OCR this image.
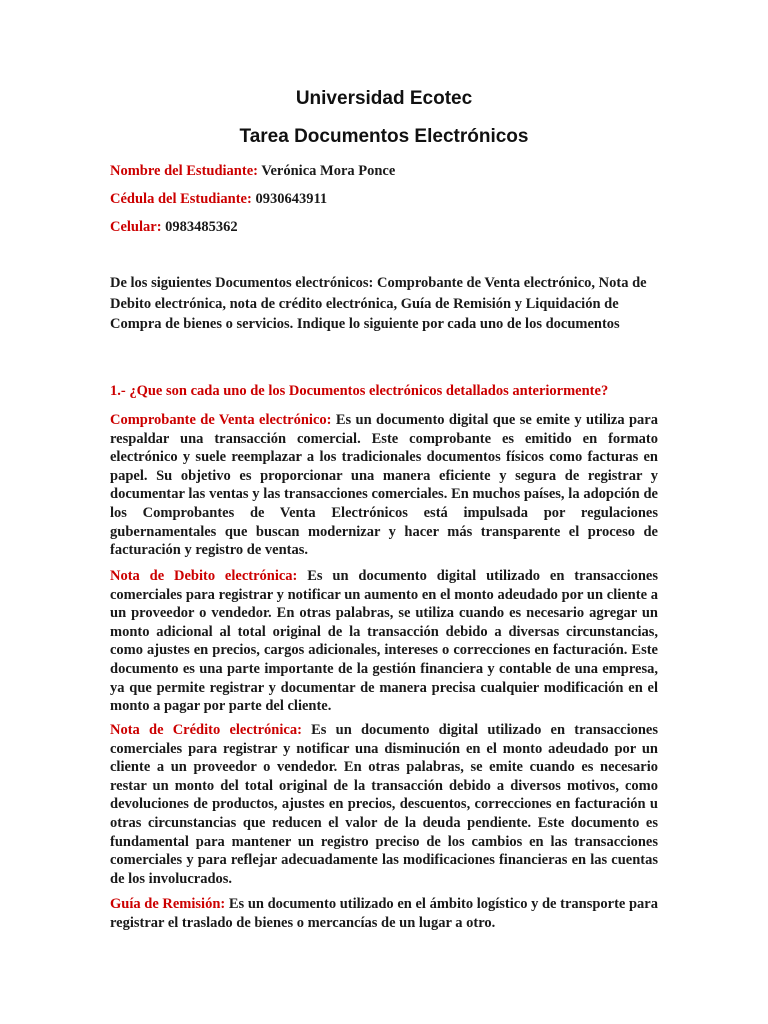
Universidad Ecotec
Tarea Documentos Electrónicos
Nombre del Estudiante: Verónica Mora Ponce
Cédula del Estudiante: 0930643911
Celular: 0983485362
De los siguientes Documentos electrónicos: Comprobante de Venta electrónico, Nota de Debito electrónica, nota de crédito electrónica, Guía de Remisión y Liquidación de Compra de bienes o servicios. Indique lo siguiente por cada uno de los documentos
1.- ¿Que son cada uno de los Documentos electrónicos detallados anteriormente?

Comprobante de Venta electrónico: Es un documento digital que se emite y utiliza para respaldar una transacción comercial. Este comprobante es emitido en formato electrónico y suele reemplazar a los tradicionales documentos físicos como facturas en papel. Su objetivo es proporcionar una manera eficiente y segura de registrar y documentar las ventas y las transacciones comerciales. En muchos países, la adopción de los Comprobantes de Venta Electrónicos está impulsada por regulaciones gubernamentales que buscan modernizar y hacer más transparente el proceso de facturación y registro de ventas.

Nota de Debito electrónica: Es un documento digital utilizado en transacciones comerciales para registrar y notificar un aumento en el monto adeudado por un cliente a un proveedor o vendedor. En otras palabras, se utiliza cuando es necesario agregar un monto adicional al total original de la transacción debido a diversas circunstancias, como ajustes en precios, cargos adicionales, intereses o correcciones en facturación. Este documento es una parte importante de la gestión financiera y contable de una empresa, ya que permite registrar y documentar de manera precisa cualquier modificación en el monto a pagar por parte del cliente.

Nota de Crédito electrónica: Es un documento digital utilizado en transacciones comerciales para registrar y notificar una disminución en el monto adeudado por un cliente a un proveedor o vendedor. En otras palabras, se emite cuando es necesario restar un monto del total original de la transacción debido a diversos motivos, como devoluciones de productos, ajustes en precios, descuentos, correcciones en facturación u otras circunstancias que reducen el valor de la deuda pendiente. Este documento es fundamental para mantener un registro preciso de los cambios en las transacciones comerciales y para reflejar adecuadamente las modificaciones financieras en las cuentas de los involucrados.

Guía de Remisión: Es un documento utilizado en el ámbito logístico y de transporte para registrar el traslado de bienes o mercancías de un lugar a otro.
